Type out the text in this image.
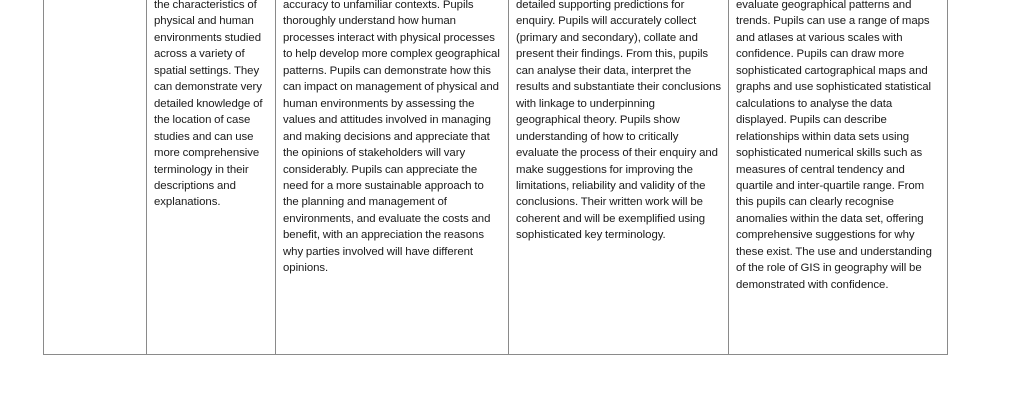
the characteristics of physical and human environments studied across a variety of spatial settings. They can demonstrate very detailed knowledge of the location of case studies and can use more comprehensive terminology in their descriptions and explanations.

accuracy to unfamiliar contexts. Pupils thoroughly understand how human processes interact with physical processes to help develop more complex geographical patterns. Pupils can demonstrate how this can impact on management of physical and human environments by assessing the values and attitudes involved in managing and making decisions and appreciate that the opinions of stakeholders will vary considerably. Pupils can appreciate the need for a more sustainable approach to the planning and management of environments, and evaluate the costs and benefit, with an appreciation the reasons why parties involved will have different opinions.

detailed supporting predictions for enquiry. Pupils will accurately collect (primary and secondary), collate and present their findings. From this, pupils can analyse their data, interpret the results and substantiate their conclusions with linkage to underpinning geographical theory. Pupils show understanding of how to critically evaluate the process of their enquiry and make suggestions for improving the limitations, reliability and validity of the conclusions. Their written work will be coherent and will be exemplified using sophisticated key terminology.

evaluate geographical patterns and trends. Pupils can use a range of maps and atlases at various scales with confidence. Pupils can draw more sophisticated cartographical maps and graphs and use sophisticated statistical calculations to analyse the data displayed. Pupils can describe relationships within data sets using sophisticated numerical skills such as measures of central tendency and quartile and inter-quartile range. From this pupils can clearly recognise anomalies within the data set, offering comprehensive suggestions for why these exist. The use and understanding of the role of GIS in geography will be demonstrated with confidence.
